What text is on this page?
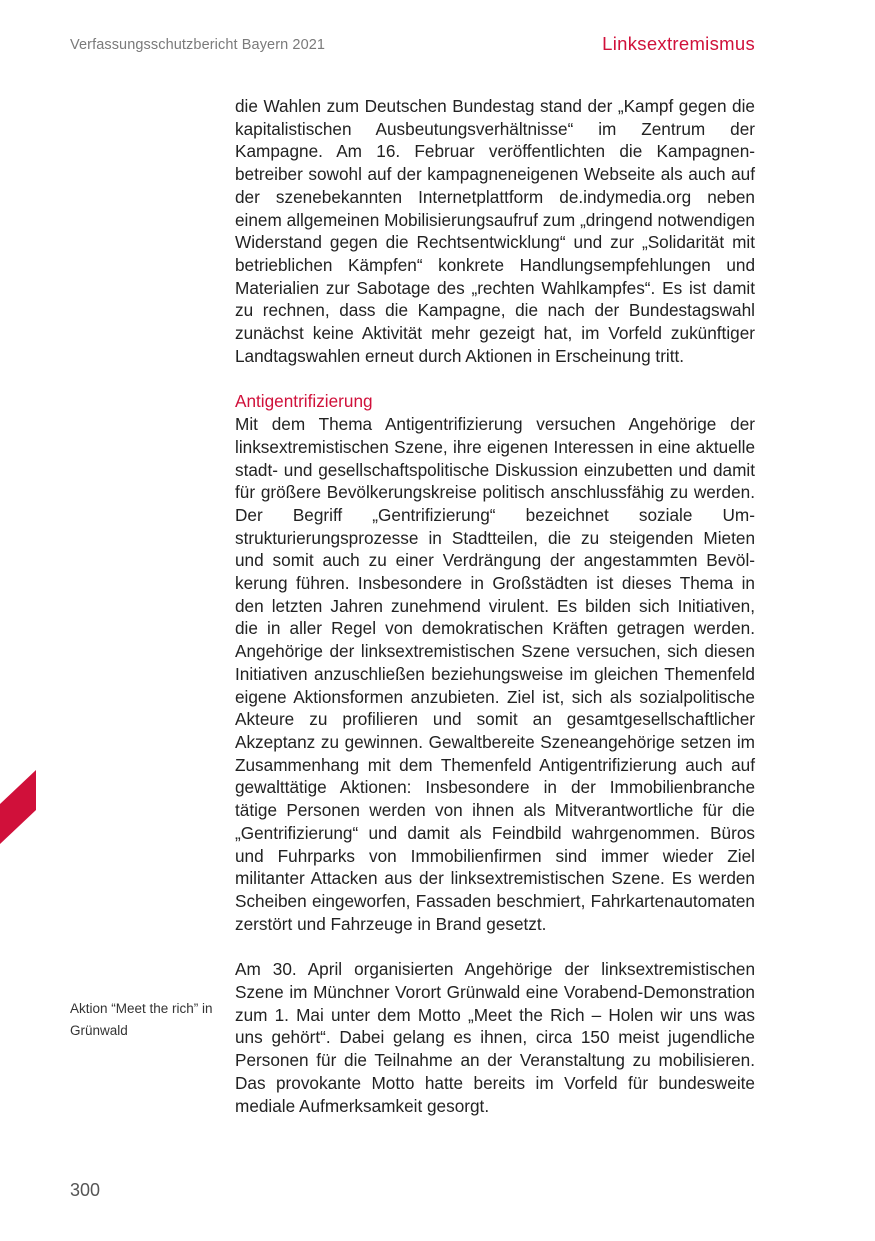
Verfassungsschutzbericht Bayern 2021	Linksextremismus

die Wahlen zum Deutschen Bundestag stand der „Kampf gegen die kapitalistischen Ausbeutungsverhältnisse“ im Zentrum der Kampagne. Am 16. Februar veröffentlichten die Kampagnenbetreiber sowohl auf der kampagneneigenen Webseite als auch auf der szenebekannten Internetplattform de.indymedia.org neben einem allgemeinen Mobilisierungsaufruf zum „dringend notwendigen Widerstand gegen die Rechtsentwicklung“ und zur „Solidarität mit betrieblichen Kämpfen“ konkrete Handlungsempfehlungen und Materialien zur Sabotage des „rechten Wahlkampfes“. Es ist damit zu rechnen, dass die Kampagne, die nach der Bundestagswahl zunächst keine Aktivität mehr gezeigt hat, im Vorfeld zukünftiger Landtagswahlen erneut durch Aktionen in Erscheinung tritt.

Antigentrifizierung

Mit dem Thema Antigentrifizierung versuchen Angehörige der linksextremistischen Szene, ihre eigenen Interessen in eine aktuelle stadt- und gesellschaftspolitische Diskussion einzubetten und damit für größere Bevölkerungskreise politisch anschlussfähig zu werden. Der Begriff „Gentrifizierung“ bezeichnet soziale Umstrukturierungsprozesse in Stadtteilen, die zu steigenden Mieten und somit auch zu einer Verdrängung der angestammten Bevölkerung führen. Insbesondere in Großstädten ist dieses Thema in den letzten Jahren zunehmend virulent. Es bilden sich Initiativen, die in aller Regel von demokratischen Kräften getragen werden. Angehörige der linksextremistischen Szene versuchen, sich diesen Initiativen anzuschließen beziehungsweise im gleichen Themenfeld eigene Aktionsformen anzubieten. Ziel ist, sich als sozialpolitische Akteure zu profilieren und somit an gesamtgesellschaftlicher Akzeptanz zu gewinnen. Gewaltbereite Szeneangehörige setzen im Zusammenhang mit dem Themenfeld Antigentrifizierung auch auf gewalttätige Aktionen: Insbesondere in der Immobilienbranche tätige Personen werden von ihnen als Mitverantwortliche für die „Gentrifizierung“ und damit als Feindbild wahrgenommen. Büros und Fuhrparks von Immobilienfirmen sind immer wieder Ziel militanter Attacken aus der linksextremistischen Szene. Es werden Scheiben eingeworfen, Fassaden beschmiert, Fahrkartenautomaten zerstört und Fahrzeuge in Brand gesetzt.

Am 30. April organisierten Angehörige der linksextremistischen Szene im Münchner Vorort Grünwald eine Vorabend-Demonstration zum 1. Mai unter dem Motto „Meet the Rich – Holen wir uns was uns gehört“. Dabei gelang es ihnen, circa 150 meist jugendliche Personen für die Teilnahme an der Veranstaltung zu mobilisieren. Das provokante Motto hatte bereits im Vorfeld für bundesweite mediale Aufmerksamkeit gesorgt.

Aktion “Meet the rich” in Grünwald
300
